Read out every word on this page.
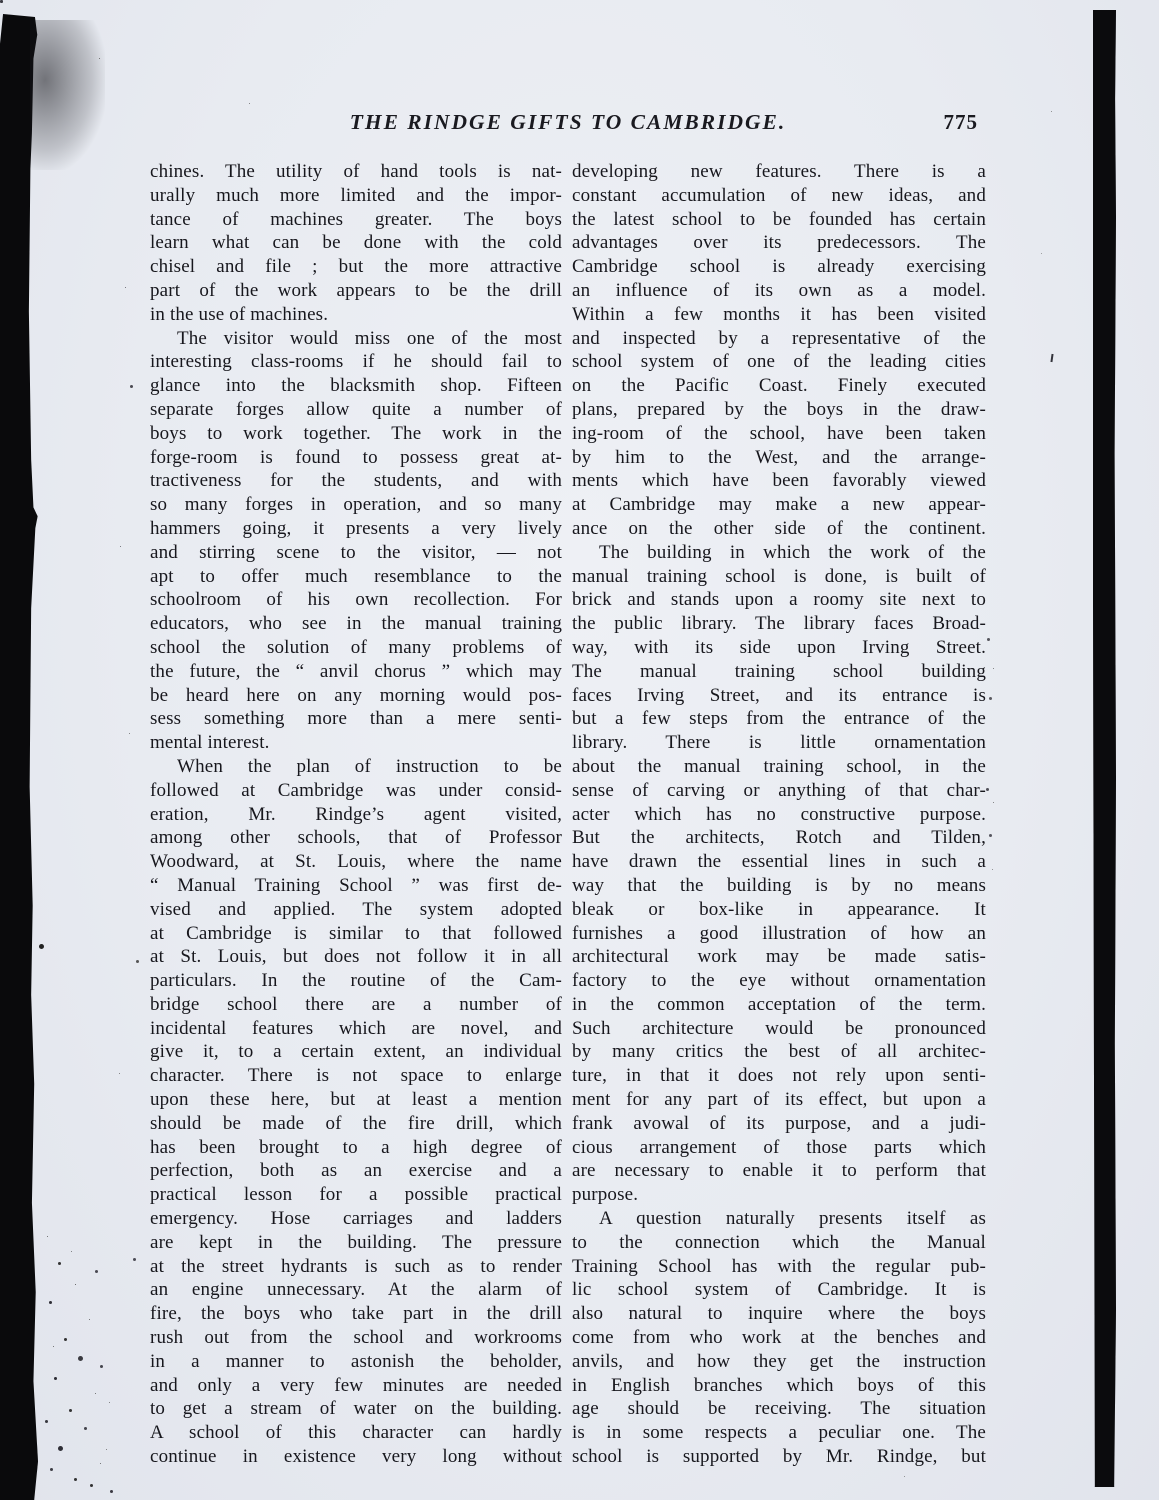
THE RINDGE GIFTS TO CAMBRIDGE.	775
chines. The utility of hand tools is nat-
urally much more limited and the impor-
tance of machines greater. The boys
learn what can be done with the cold
chisel and file ; but the more attractive
part of the work appears to be the drill
in the use of machines.
The visitor would miss one of the most
interesting class-rooms if he should fail to
glance into the blacksmith shop. Fifteen
separate forges allow quite a number of
boys to work together. The work in the
forge-room is found to possess great at-
tractiveness for the students, and with
so many forges in operation, and so many
hammers going, it presents a very lively
and stirring scene to the visitor, — not
apt to offer much resemblance to the
schoolroom of his own recollection. For
educators, who see in the manual training
school the solution of many problems of
the future, the “ anvil chorus ” which may
be heard here on any morning would pos-
sess something more than a mere senti-
mental interest.
When the plan of instruction to be
followed at Cambridge was under consid-
eration, Mr. Rindge’s agent visited,
among other schools, that of Professor
Woodward, at St. Louis, where the name
“ Manual Training School ” was first de-
vised and applied. The system adopted
at Cambridge is similar to that followed
at St. Louis, but does not follow it in all
particulars. In the routine of the Cam-
bridge school there are a number of
incidental features which are novel, and
give it, to a certain extent, an individual
character. There is not space to enlarge
upon these here, but at least a mention
should be made of the fire drill, which
has been brought to a high degree of
perfection, both as an exercise and a
practical lesson for a possible practical
emergency. Hose carriages and ladders
are kept in the building. The pressure
at the street hydrants is such as to render
an engine unnecessary. At the alarm of
fire, the boys who take part in the drill
rush out from the school and workrooms
in a manner to astonish the beholder,
and only a very few minutes are needed
to get a stream of water on the building.
A school of this character can hardly
continue in existence very long without
developing new features. There is a
constant accumulation of new ideas, and
the latest school to be founded has certain
advantages over its predecessors. The
Cambridge school is already exercising
an influence of its own as a model.
Within a few months it has been visited
and inspected by a representative of the
school system of one of the leading cities
on the Pacific Coast. Finely executed
plans, prepared by the boys in the draw-
ing-room of the school, have been taken
by him to the West, and the arrange-
ments which have been favorably viewed
at Cambridge may make a new appear-
ance on the other side of the continent.
The building in which the work of the
manual training school is done, is built of
brick and stands upon a roomy site next to
the public library. The library faces Broad-
way, with its side upon Irving Street.
The manual training school building
faces Irving Street, and its entrance is
but a few steps from the entrance of the
library. There is little ornamentation
about the manual training school, in the
sense of carving or anything of that char-
acter which has no constructive purpose.
But the architects, Rotch and Tilden,
have drawn the essential lines in such a
way that the building is by no means
bleak or box-like in appearance. It
furnishes a good illustration of how an
architectural work may be made satis-
factory to the eye without ornamentation
in the common acceptation of the term.
Such architecture would be pronounced
by many critics the best of all architec-
ture, in that it does not rely upon senti-
ment for any part of its effect, but upon a
frank avowal of its purpose, and a judi-
cious arrangement of those parts which
are necessary to enable it to perform that
purpose.
A question naturally presents itself as
to the connection which the Manual
Training School has with the regular pub-
lic school system of Cambridge. It is
also natural to inquire where the boys
come from who work at the benches and
anvils, and how they get the instruction
in English branches which boys of this
age should be receiving. The situation
is in some respects a peculiar one. The
school is supported by Mr. Rindge, but
